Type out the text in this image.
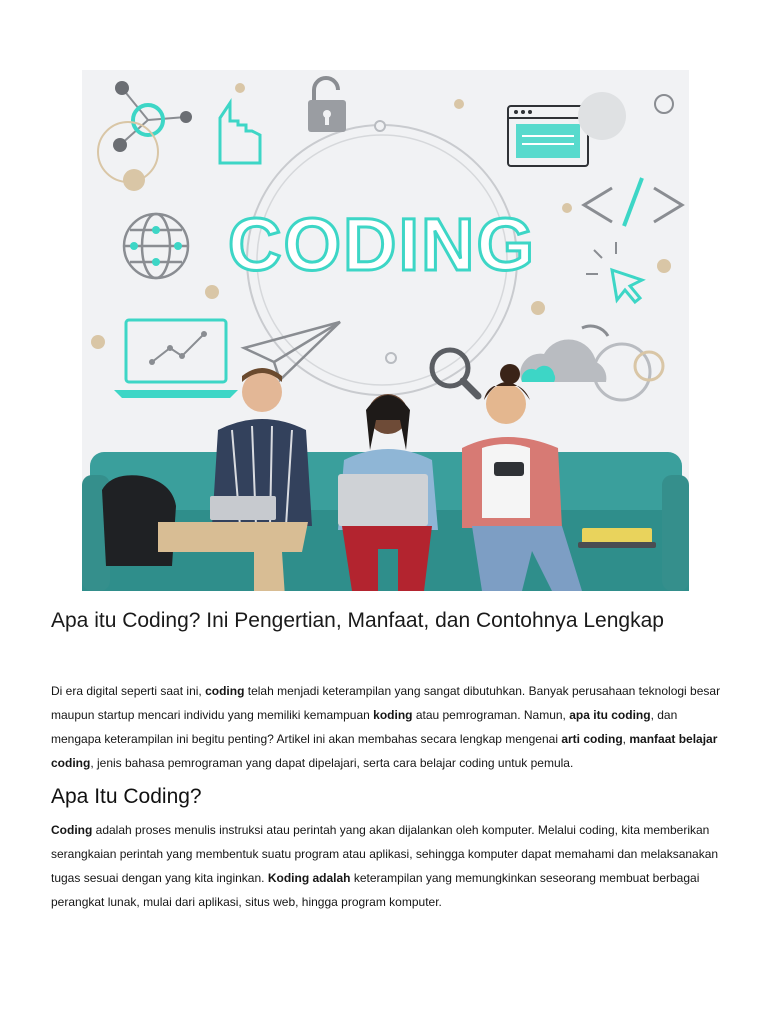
CODING
Apa itu Coding? Ini Pengertian, Manfaat, dan Contohnya Lengkap

Di era digital seperti saat ini, coding telah menjadi keterampilan yang sangat dibutuhkan. Banyak perusahaan teknologi besar maupun startup mencari individu yang memiliki kemampuan koding atau pemrograman. Namun, apa itu coding, dan mengapa keterampilan ini begitu penting? Artikel ini akan membahas secara lengkap mengenai arti coding, manfaat belajar coding, jenis bahasa pemrograman yang dapat dipelajari, serta cara belajar coding untuk pemula.

Apa Itu Coding?

Coding adalah proses menulis instruksi atau perintah yang akan dijalankan oleh komputer. Melalui coding, kita memberikan serangkaian perintah yang membentuk suatu program atau aplikasi, sehingga komputer dapat memahami dan melaksanakan tugas sesuai dengan yang kita inginkan. Koding adalah keterampilan yang memungkinkan seseorang membuat berbagai perangkat lunak, mulai dari aplikasi, situs web, hingga program komputer.
